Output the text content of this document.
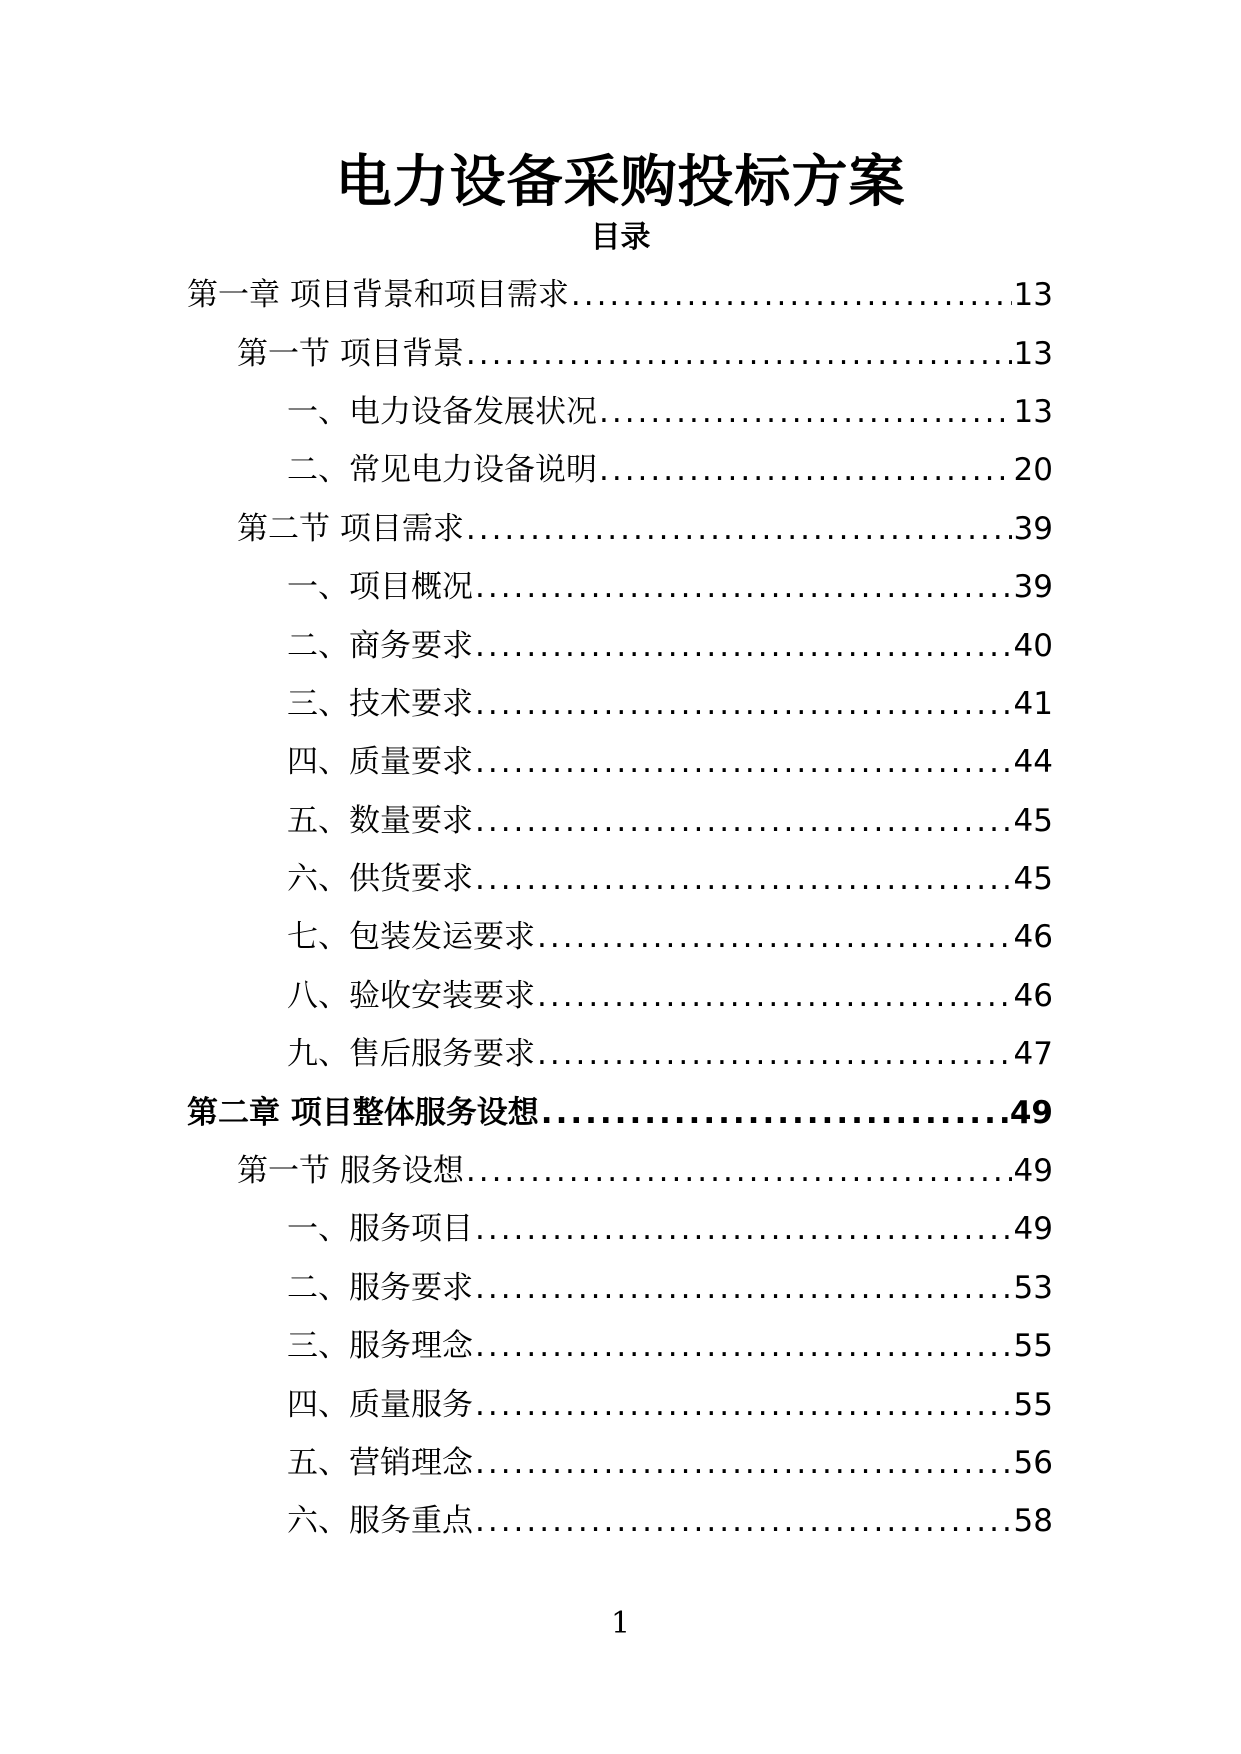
电力设备采购投标方案
目录
第一章 项目背景和项目需求 .....	13
第一节 项目背景 .....	13
一、电力设备发展状况 .....	13
二、常见电力设备说明 .....	20
第二节 项目需求 .....	39
一、项目概况 .....	39
二、商务要求 .....	40
三、技术要求 .....	41
四、质量要求 .....	44
五、数量要求 .....	45
六、供货要求 .....	45
七、包装发运要求 .....	46
八、验收安装要求 .....	46
九、售后服务要求 .....	47
第二章 项目整体服务设想 .....	49
第一节 服务设想 .....	49
一、服务项目 .....	49
二、服务要求 .....	53
三、服务理念 .....	55
四、质量服务 .....	55
五、营销理念 .....	56
六、服务重点 .....	58
1
